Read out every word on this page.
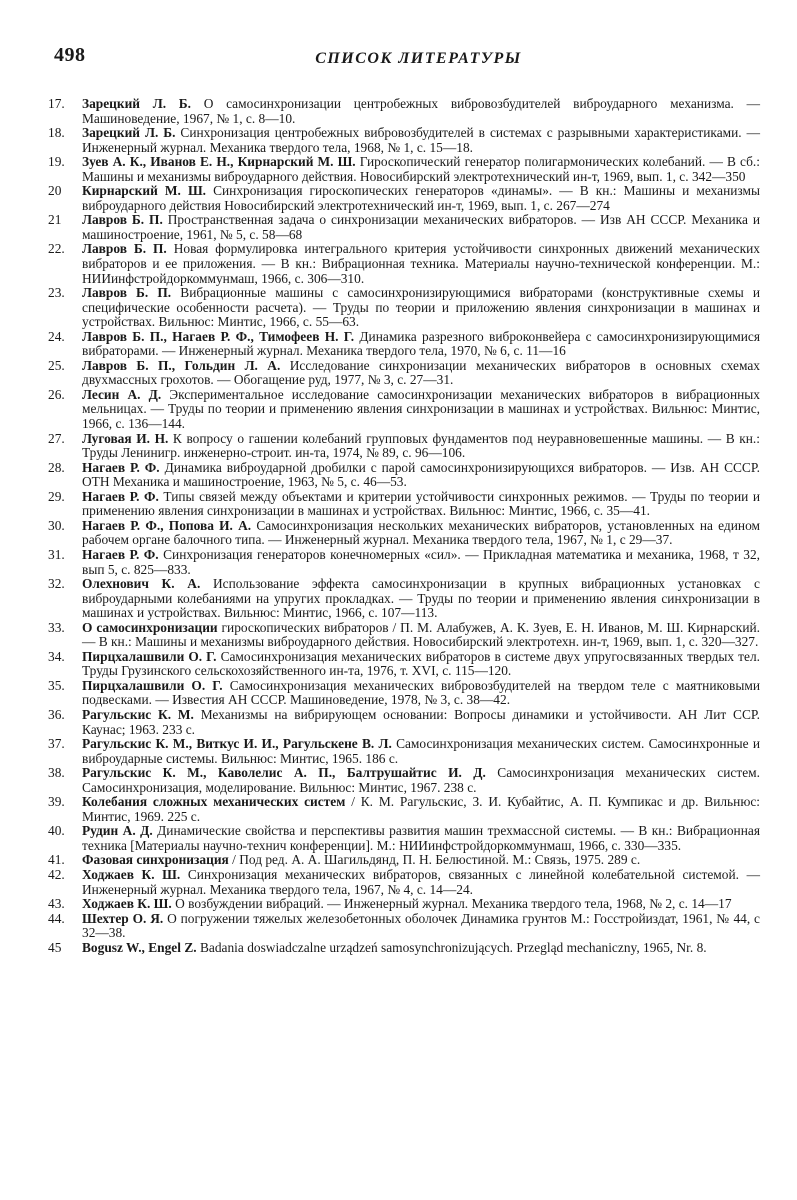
498	СПИСОК ЛИТЕРАТУРЫ
17.	Зарецкий Л. Б. О самосинхронизации центробежных вибровозбудителей виброударного механизма. — Машиноведение, 1967, № 1, с. 8—10.
18.	Зарецкий Л. Б. Синхронизация центробежных вибровозбудителей в системах с разрывными характеристиками. — Инженерный журнал. Механика твердого тела, 1968, № 1, с. 15—18.
19.	Зуев А. К., Иванов Е. Н., Кирнарский М. Ш. Гироскопический генератор полигармонических колебаний. — В сб.: Машины и механизмы виброударного действия. Новосибирский электротехнический ин-т, 1969, вып. 1, с. 342—350
20	Кирнарский М. Ш. Синхронизация гироскопических генераторов «динамы». — В кн.: Машины и механизмы виброударного действия Новосибирский электротехнический ин-т, 1969, вып. 1, с. 267—274
21	Лавров Б. П. Пространственная задача о синхронизации механических вибраторов. — Изв АН СССР. Механика и машиностроение, 1961, № 5, с. 58—68
22.	Лавров Б. П. Новая формулировка интегрального критерия устойчивости синхронных движений механических вибраторов и ее приложения. — В кн.: Вибрационная техника. Материалы научно-технической конференции. М.: НИИинфстройдоркоммунмаш, 1966, с. 306—310.
23.	Лавров Б. П. Вибрационные машины с самосинхронизирующимися вибраторами (конструктивные схемы и специфические особенности расчета). — Труды по теории и приложению явления синхронизации в машинах и устройствах. Вильнюс: Минтис, 1966, с. 55—63.
24.	Лавров Б. П., Нагаев Р. Ф., Тимофеев Н. Г. Динамика разрезного виброконвейера с самосинхронизирующимися вибраторами. — Инженерный журнал. Механика твердого тела, 1970, № 6, с. 11—16
25.	Лавров Б. П., Гольдин Л. А. Исследование синхронизации механических вибраторов в основных схемах двухмассных грохотов. — Обогащение руд, 1977, № 3, с. 27—31.
26.	Лесин А. Д. Экспериментальное исследование самосинхронизации механических вибраторов в вибрационных мельницах. — Труды по теории и применению явления синхронизации в машинах и устройствах. Вильнюс: Минтис, 1966, с. 136—144.
27.	Луговая И. Н. К вопросу о гашении колебаний групповых фундаментов под неуравновешенные машины. — В кн.: Труды Ленинигр. инженерно-строит. ин-та, 1974, № 89, с. 96—106.
28.	Нагаев Р. Ф. Динамика виброударной дробилки с парой самосинхронизирующихся вибраторов. — Изв. АН СССР. ОТН Механика и машиностроение, 1963, № 5, с. 46—53.
29.	Нагаев Р. Ф. Типы связей между объектами и критерии устойчивости синхронных режимов. — Труды по теории и применению явления синхронизации в машинах и устройствах. Вильнюс: Минтис, 1966, с. 35—41.
30.	Нагаев Р. Ф., Попова И. А. Самосинхронизация нескольких механических вибраторов, установленных на едином рабочем органе балочного типа. — Инженерный журнал. Механика твердого тела, 1967, № 1, с 29—37.
31.	Нагаев Р. Ф. Синхронизация генераторов конечномерных «сил». — Прикладная математика и механика, 1968, т 32, вып 5, с. 825—833.
32.	Олехнович К. А. Использование эффекта самосинхронизации в крупных вибрационных установках с виброударными колебаниями на упругих прокладках. — Труды по теории и применению явления синхронизации в машинах и устройствах. Вильнюс: Минтис, 1966, с. 107—113.
33.	О самосинхронизации гироскопических вибраторов / П. М. Алабужев, А. К. Зуев, Е. Н. Иванов, М. Ш. Кирнарский. — В кн.: Машины и механизмы виброударного действия. Новосибирский электротехн. ин-т, 1969, вып. 1, с. 320—327.
34.	Пирцхалашвили О. Г. Самосинхронизация механических вибраторов в системе двух упругосвязанных твердых тел. Труды Грузинского сельскохозяйственного ин-та, 1976, т. XVI, с. 115—120.
35.	Пирцхалашвили О. Г. Самосинхронизация механических вибровозбудителей на твердом теле с маятниковыми подвесками. — Известия АН СССР. Машиноведение, 1978, № 3, с. 38—42.
36.	Рагульскис К. М. Механизмы на вибрирующем основании: Вопросы динамики и устойчивости. АН Лит ССР. Каунас; 1963. 233 с.
37.	Рагульскис К. М., Виткус И. И., Рагульскене В. Л. Самосинхронизация механических систем. Самосинхронные и виброударные системы. Вильнюс: Минтис, 1965. 186 с.
38.	Рагульскис К. М., Каволелис А. П., Балтрушайтис И. Д. Самосинхронизация механических систем. Самосинхронизация, моделирование. Вильнюс: Минтис, 1967. 238 с.
39.	Колебания сложных механических систем / К. М. Рагульскис, З. И. Кубайтис, А. П. Кумпикас и др. Вильнюс: Минтис, 1969. 225 с.
40.	Рудин А. Д. Динамические свойства и перспективы развития машин трехмассной системы. — В кн.: Вибрационная техника [Материалы научно-технич конференции]. М.: НИИинфстройдоркоммунмаш, 1966, с. 330—335.
41.	Фазовая синхронизация / Под ред. А. А. Шагильдянд, П. Н. Белюстиной. М.: Связь, 1975. 289 с.
42.	Ходжаев К. Ш. Синхронизация механических вибраторов, связанных с линейной колебательной системой. — Инженерный журнал. Механика твердого тела, 1967, № 4, с. 14—24.
43.	Ходжаев К. Ш. О возбуждении вибраций. — Инженерный журнал. Механика твердого тела, 1968, № 2, с. 14—17
44.	Шехтер О. Я. О погружении тяжелых железобетонных оболочек Динамика грунтов М.: Госстройиздат, 1961, № 44, с 32—38.
45	Bogusz W., Engel Z. Badania doswiadczalne urządzeń samosynchronizujących. Przegląd mechaniczny, 1965, Nr. 8.
